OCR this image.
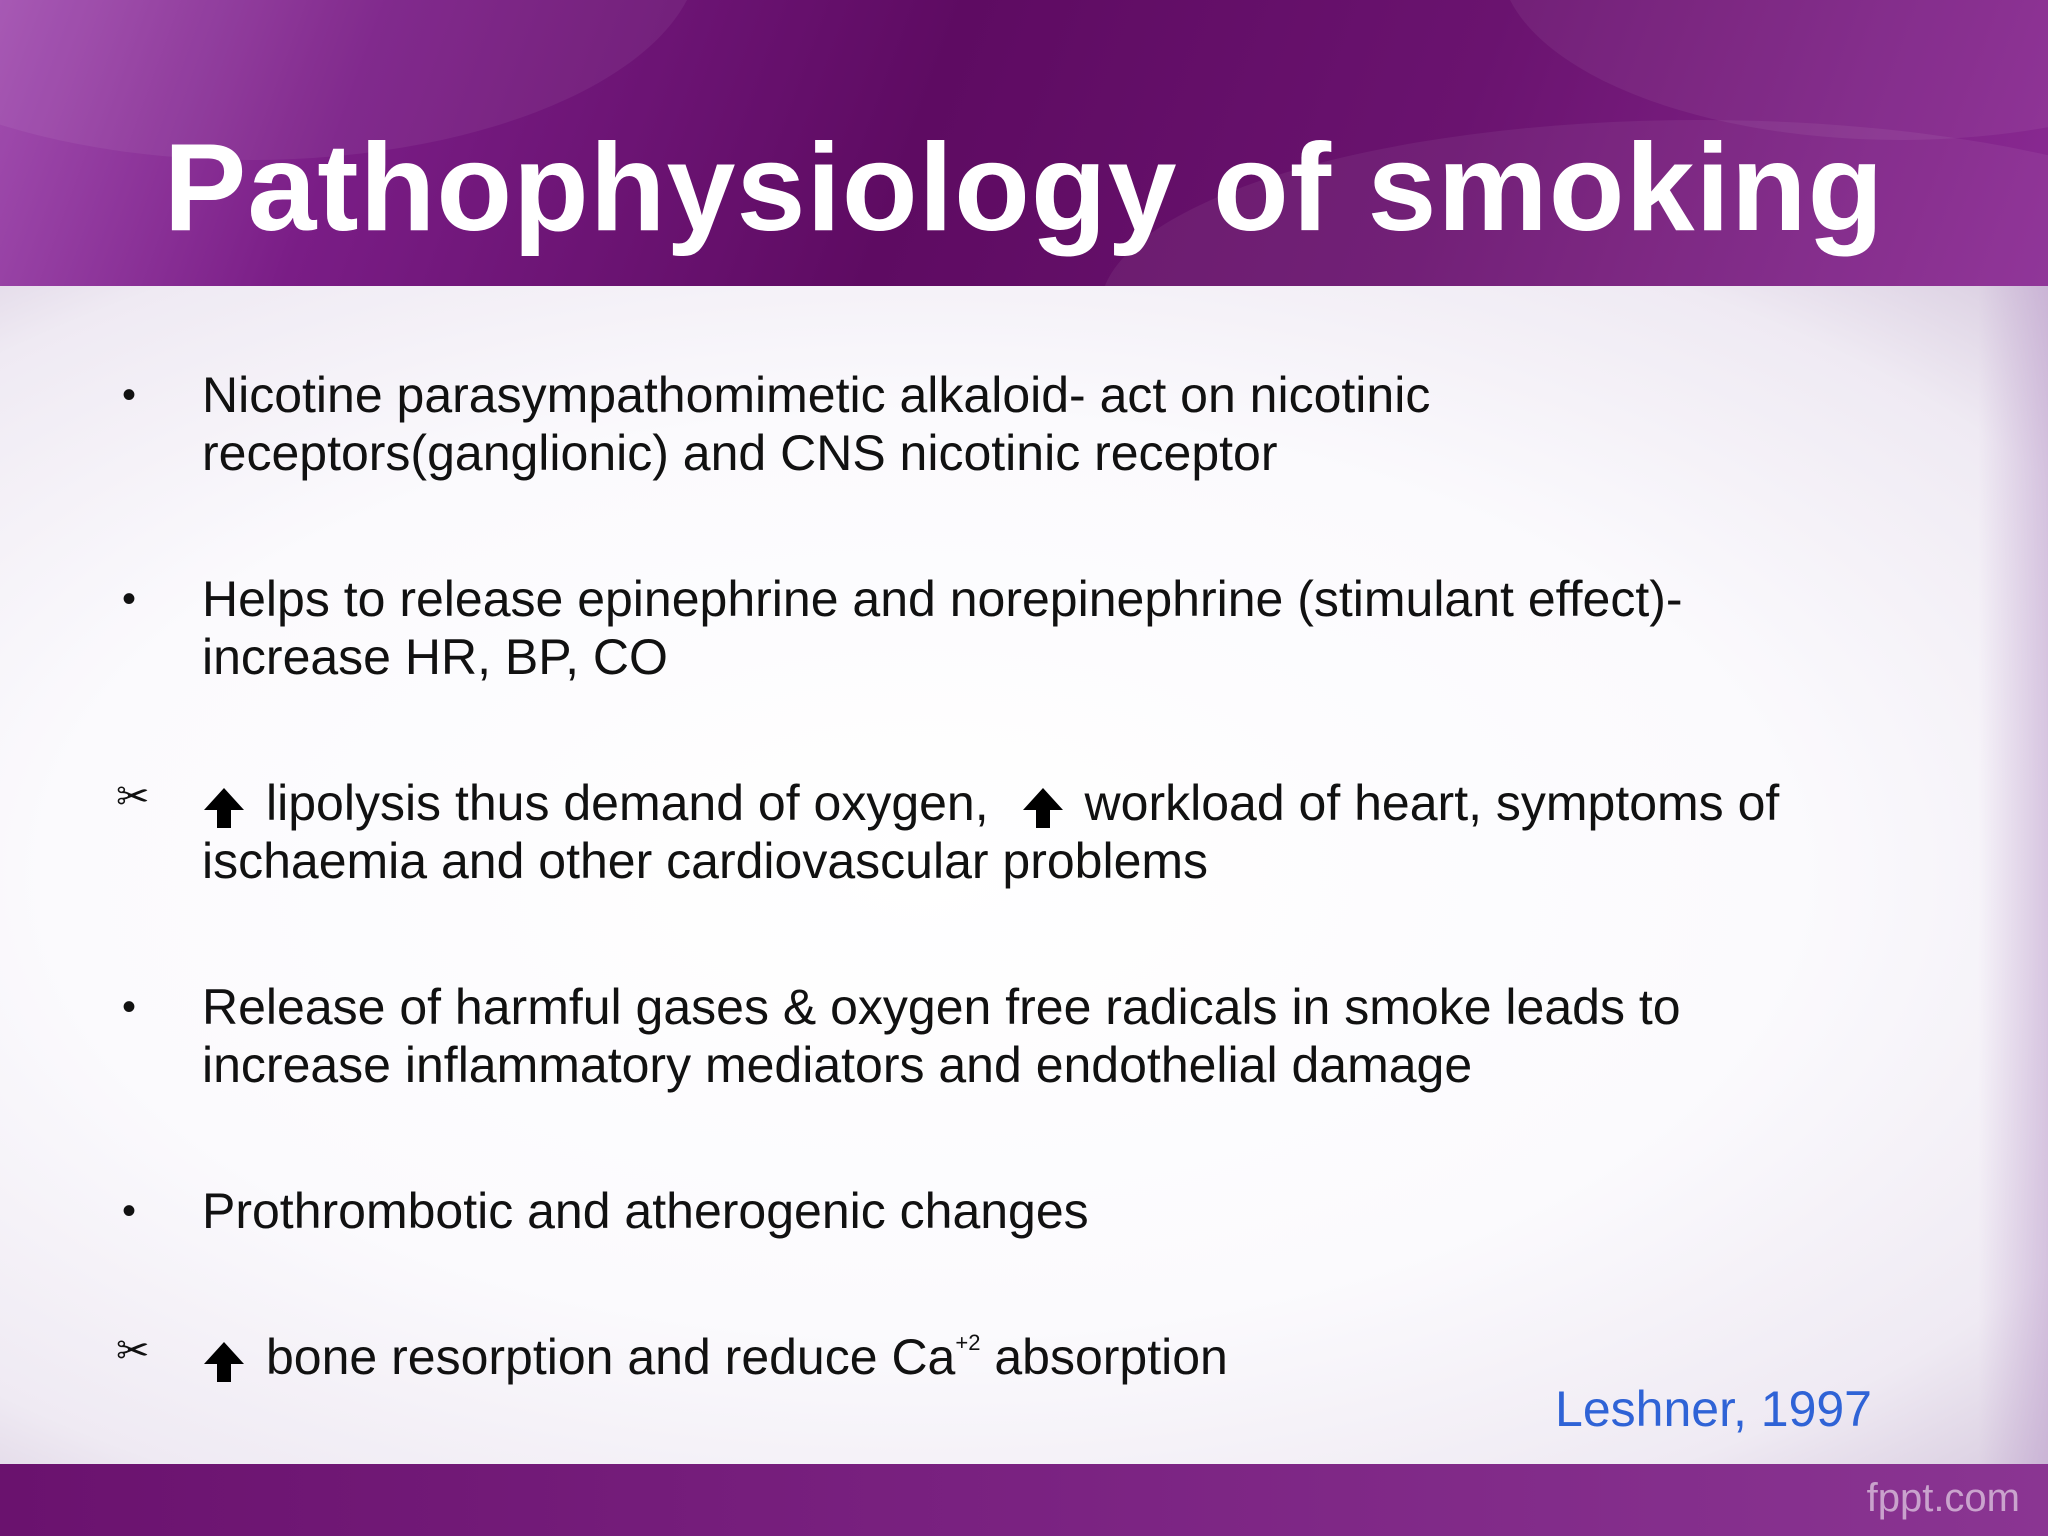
Pathophysiology of smoking
•	Nicotine parasympathomimetic alkaloid- act on nicotinic
receptors(ganglionic) and CNS nicotinic receptor
•	Helps to release epinephrine and norepinephrine (stimulant effect)-
increase HR, BP, CO
✂	lipolysis thus demand of oxygen, workload of heart, symptoms of
ischaemia and other cardiovascular problems
•	Release of harmful gases & oxygen free radicals in smoke leads to
increase inflammatory mediators and endothelial damage
•	Prothrombotic and atherogenic changes
✂	bone resorption and reduce $Ca^{+2}$ absorption
Leshner, 1997
fppt.com
